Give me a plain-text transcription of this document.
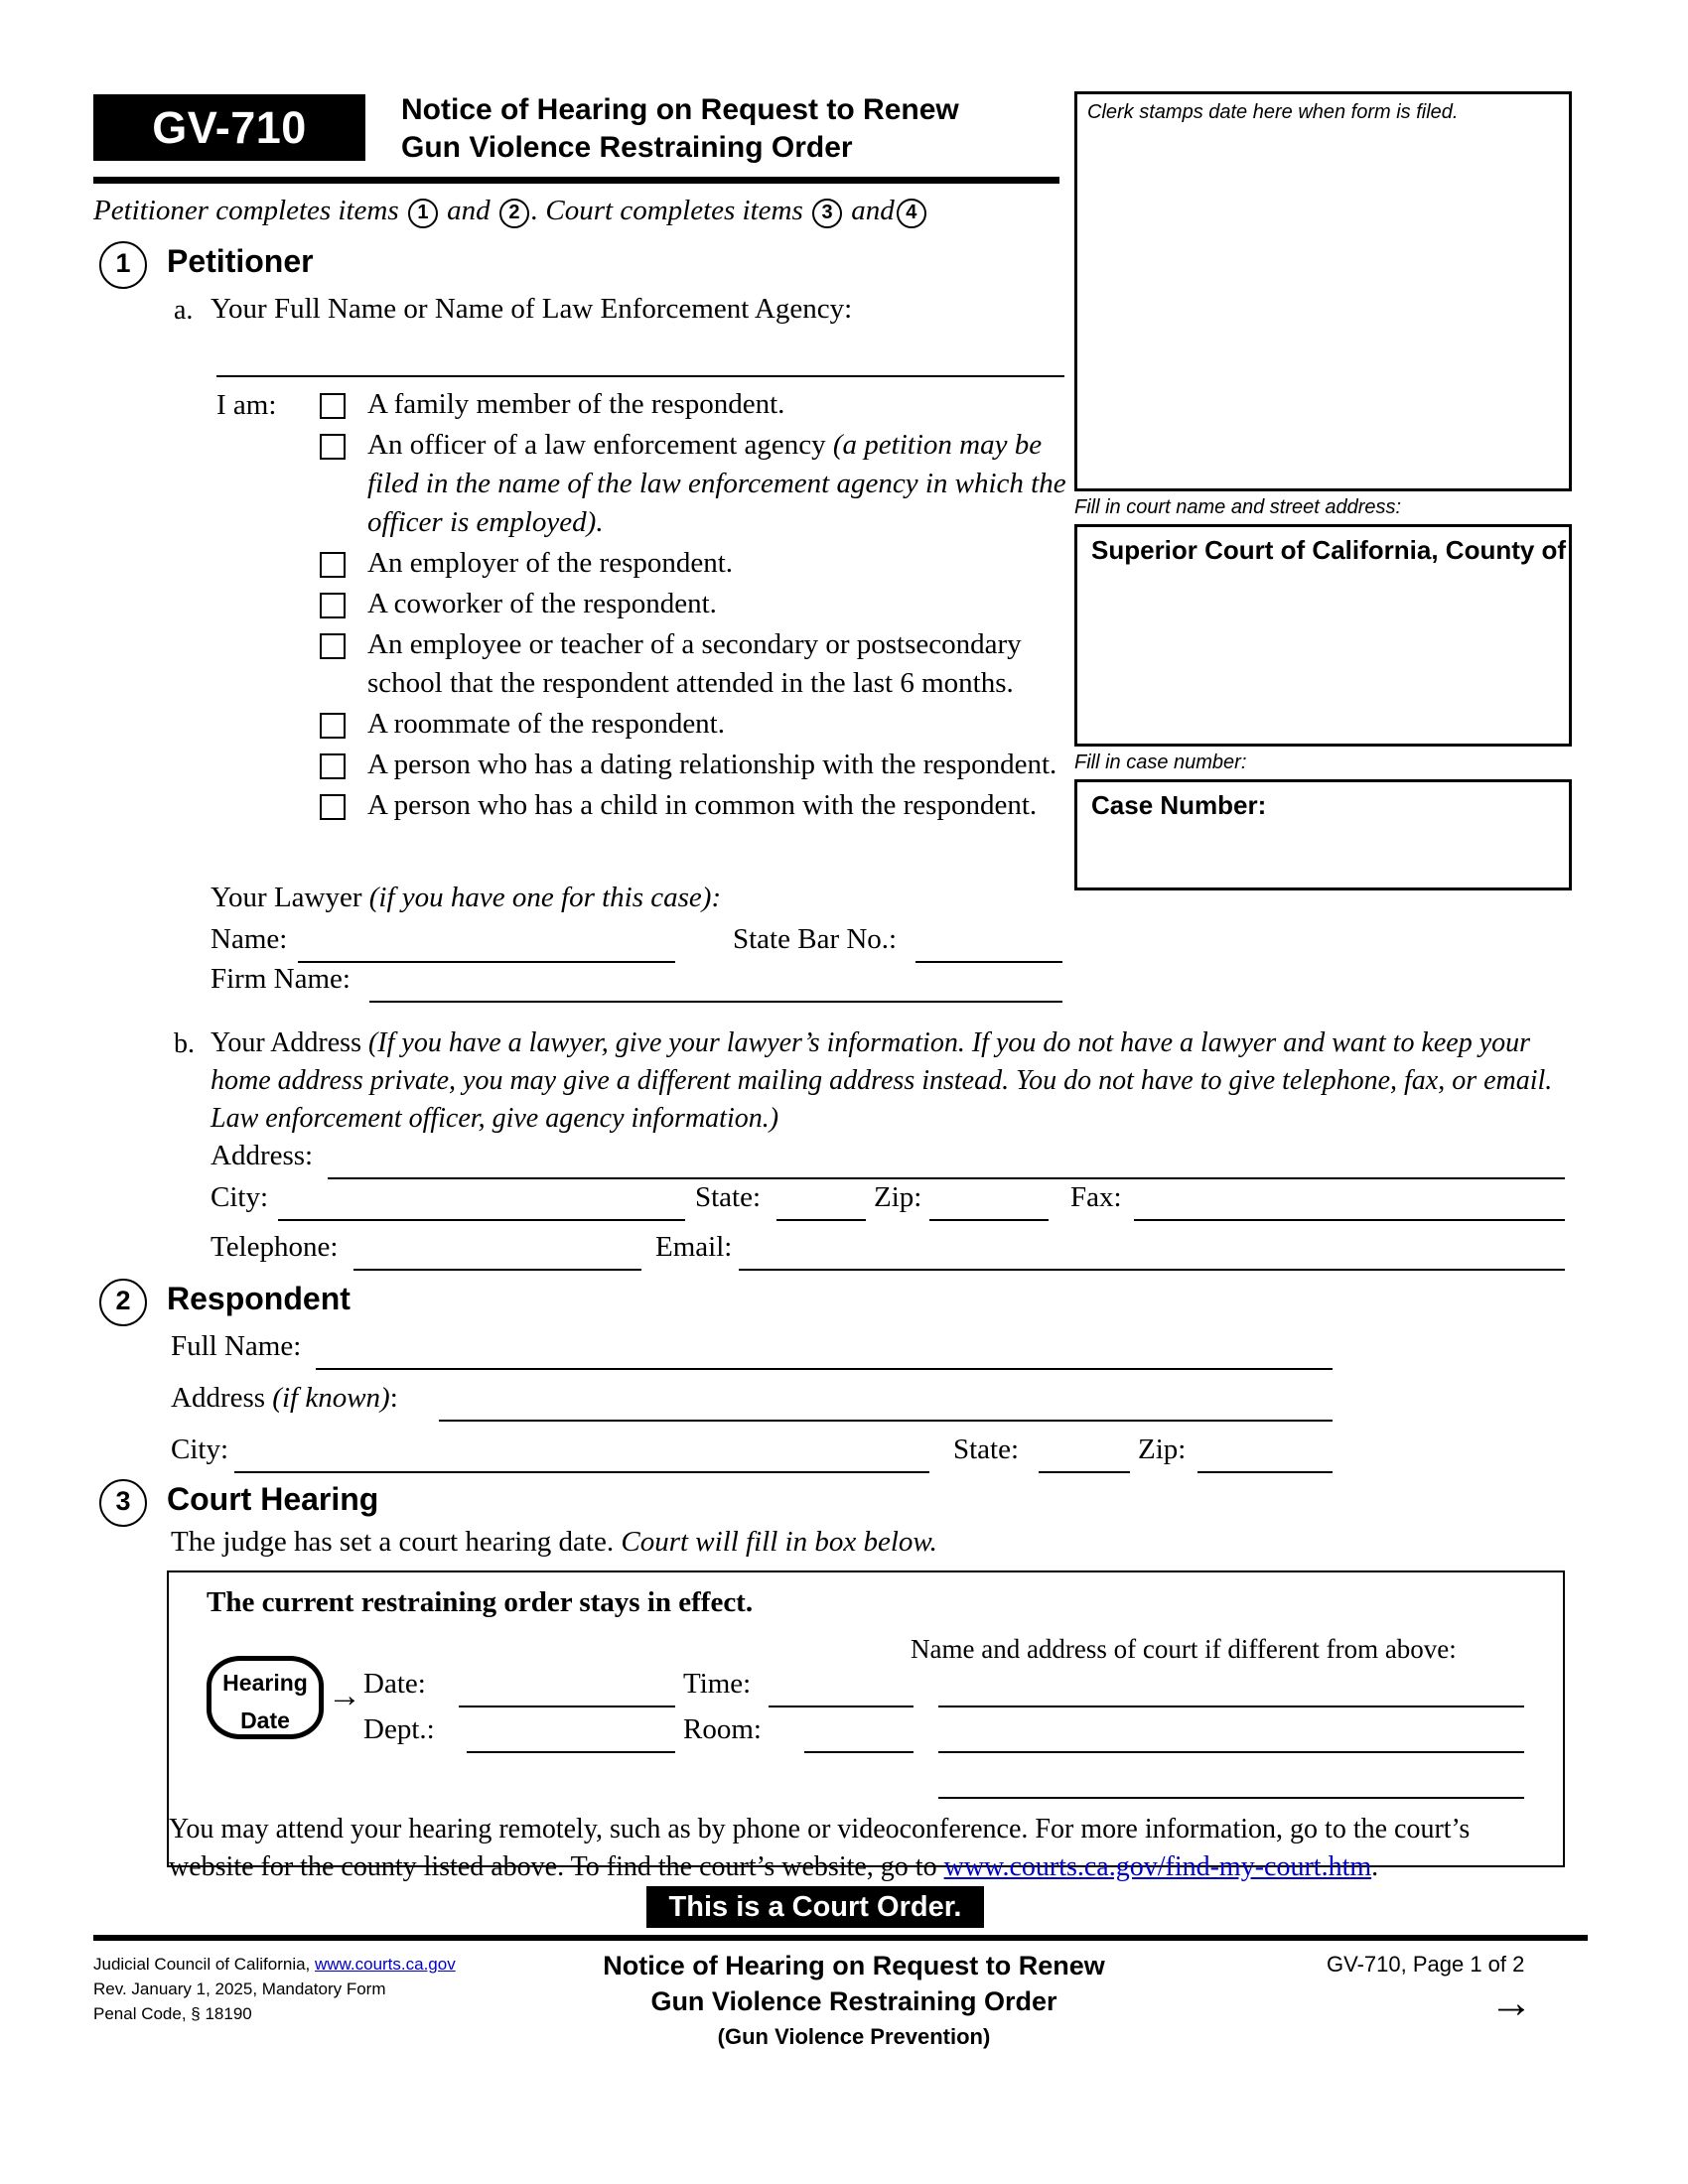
GV-710	Notice of Hearing on Request to Renew
Gun Violence Restraining Order
Petitioner completes items 1 and 2 . Court completes items 3 and 4
Clerk stamps date here when form is filed.
Fill in court name and street address:
Superior Court of California, County of
Fill in case number:
Case Number:
1	Petitioner
a. Your Full Name or Name of Law Enforcement Agency:
I am:	A family member of the respondent.
An officer of a law enforcement agency (a petition may be filed in the name of the law enforcement agency in which the officer is employed).
An employer of the respondent.
A coworker of the respondent.
An employee or teacher of a secondary or postsecondary school that the respondent attended in the last 6 months.
A roommate of the respondent.
A person who has a dating relationship with the respondent.
A person who has a child in common with the respondent.
Your Lawyer (if you have one for this case):
Name:	State Bar No.:
Firm Name:
b. Your Address (If you have a lawyer, give your lawyer’s information. If you do not have a lawyer and want to keep your home address private, you may give a different mailing address instead. You do not have to give telephone, fax, or email. Law enforcement officer, give agency information.)
Address:
City:	State:	Zip:	Fax:
Telephone:	Email:
2	Respondent
Full Name:
Address (if known):
City:	State:	Zip:
3	Court Hearing
The judge has set a court hearing date. Court will fill in box below.
The current restraining order stays in effect.
Name and address of court if different from above:
Hearing
Date
→ Date:	Time:
Dept.:	Room:
You may attend your hearing remotely, such as by phone or videoconference. For more information, go to the court’s website for the county listed above. To find the court’s website, go to www.courts.ca.gov/find-my-court.htm.
This is a Court Order.
Judicial Council of California, www.courts.ca.gov
Rev. January 1, 2025, Mandatory Form
Penal Code, § 18190
Notice of Hearing on Request to Renew
Gun Violence Restraining Order
(Gun Violence Prevention)
GV-710, Page 1 of 2
→
